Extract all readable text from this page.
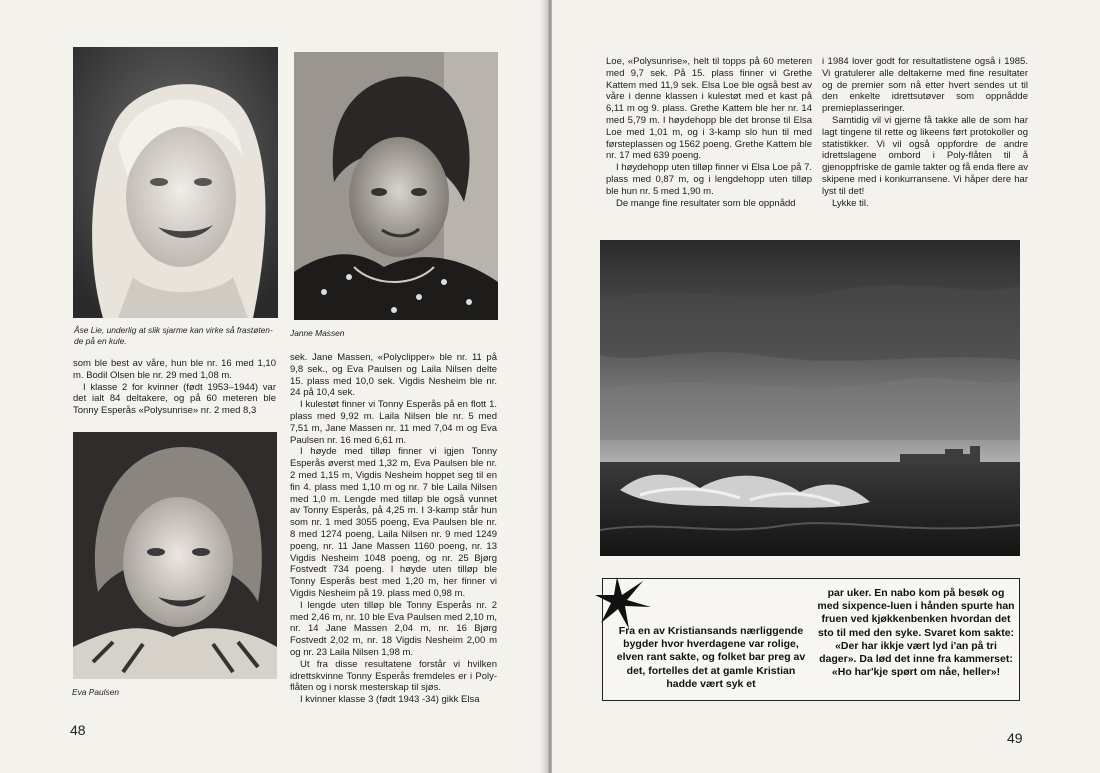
Åse Lie, underlig at slik sjarme kan virke så frastøten- de på en kule.
Janne Massen
Eva Paulsen

som ble best av våre, hun ble nr. 16 med 1,10 m. Bodil Olsen ble nr. 29 med 1,08 m.

I klasse 2 for kvinner (født 1953–1944) var det ialt 84 deltakere, og på 60 meteren ble Tonny Esperås «Polysunrise» nr. 2 med 8,3

sek. Jane Massen, «Polyclipper» ble nr. 11 på 9,8 sek., og Eva Paulsen og Laila Nilsen delte 15. plass med 10,0 sek. Vigdis Nesheim ble nr. 24 på 10,4 sek.

I kulestøt finner vi Tonny Esperås på en flott 1. plass med 9,92 m. Laila Nilsen ble nr. 5 med 7,51 m, Jane Massen nr. 11 med 7,04 m og Eva Paulsen nr. 16 med 6,61 m.

I høyde med tilløp finner vi igjen Tonny Esperås øverst med 1,32 m, Eva Paulsen ble nr. 2 med 1,15 m, Vigdis Nesheim hoppet seg til en fin 4. plass med 1,10 m og nr. 7 ble Laila Nilsen med 1,0 m. Lengde med tilløp ble også vunnet av Tonny Esperås, på 4,25 m. I 3-kamp står hun som nr. 1 med 3055 poeng, Eva Paulsen ble nr. 8 med 1274 poeng, Laila Nilsen nr. 9 med 1249 poeng, nr. 11 Jane Massen 1160 poeng, nr. 13 Vigdis Nesheim 1048 poeng, og nr. 25 Bjørg Fostvedt 734 poeng. I høyde uten tilløp ble Tonny Esperås best med 1,20 m, her finner vi Vigdis Nesheim på 19. plass med 0,98 m.

I lengde uten tilløp ble Tonny Esperås nr. 2 med 2,46 m, nr. 10 ble Eva Paulsen med 2,10 m, nr. 14 Jane Massen 2,04 m, nr. 16 Bjørg Fostvedt 2,02 m, nr. 18 Vigdis Nesheim 2,00 m og nr. 23 Laila Nilsen 1,98 m.

Ut fra disse resultatene forstår vi hvilken idrettskvinne Tonny Esperås fremdeles er i Poly-flåten og i norsk mesterskap til sjøs.

I kvinner klasse 3 (født 1943 -34) gikk Elsa

48

Loe, «Polysunrise», helt til topps på 60 meteren med 9,7 sek. På 15. plass finner vi Grethe Kattem med 11,9 sek. Elsa Loe ble også best av våre i denne klassen i kulestøt med et kast på 6,11 m og 9. plass. Grethe Kattem ble her nr. 14 med 5,79 m. I høydehopp ble det bronse til Elsa Loe med 1,01 m, og i 3-kamp slo hun til med førsteplassen og 1562 poeng. Grethe Kattem ble nr. 17 med 639 poeng.

I høydehopp uten tilløp finner vi Elsa Loe på 7. plass med 0,87 m, og i lengdehopp uten tilløp ble hun nr. 5 med 1,90 m.

De mange fine resultater som ble oppnådd

i 1984 lover godt for resultatlistene også i 1985. Vi gratulerer alle deltakerne med fine resultater og de premier som nå etter hvert sendes ut til den enkelte idrettsutøver som oppnådde premieplasseringer.

Samtidig vil vi gjerne få takke alle de som har lagt tingene til rette og likeens ført protokoller og statistikker. Vi vil også oppfordre de andre idrettslagene ombord i Poly-flåten til å gjenoppfriske de gamle takter og få enda flere av skipene med i konkurransene. Vi håper dere har lyst til det!

Lykke til.

Fra en av Kristiansands nærliggende bygder hvor hverdagene var rolige, elven rant sakte, og folket bar preg av det, fortelles det at gamle Kristian hadde vært syk et
par uker. En nabo kom på besøk og med sixpence-luen i hånden spurte han fruen ved kjøkkenbenken hvordan det sto til med den syke. Svaret kom sakte: «Der har ikkje vært lyd i'an på tri dager». Da lød det inne fra kammerset: «Ho har'kje spørt om nåe, heller»!
49
